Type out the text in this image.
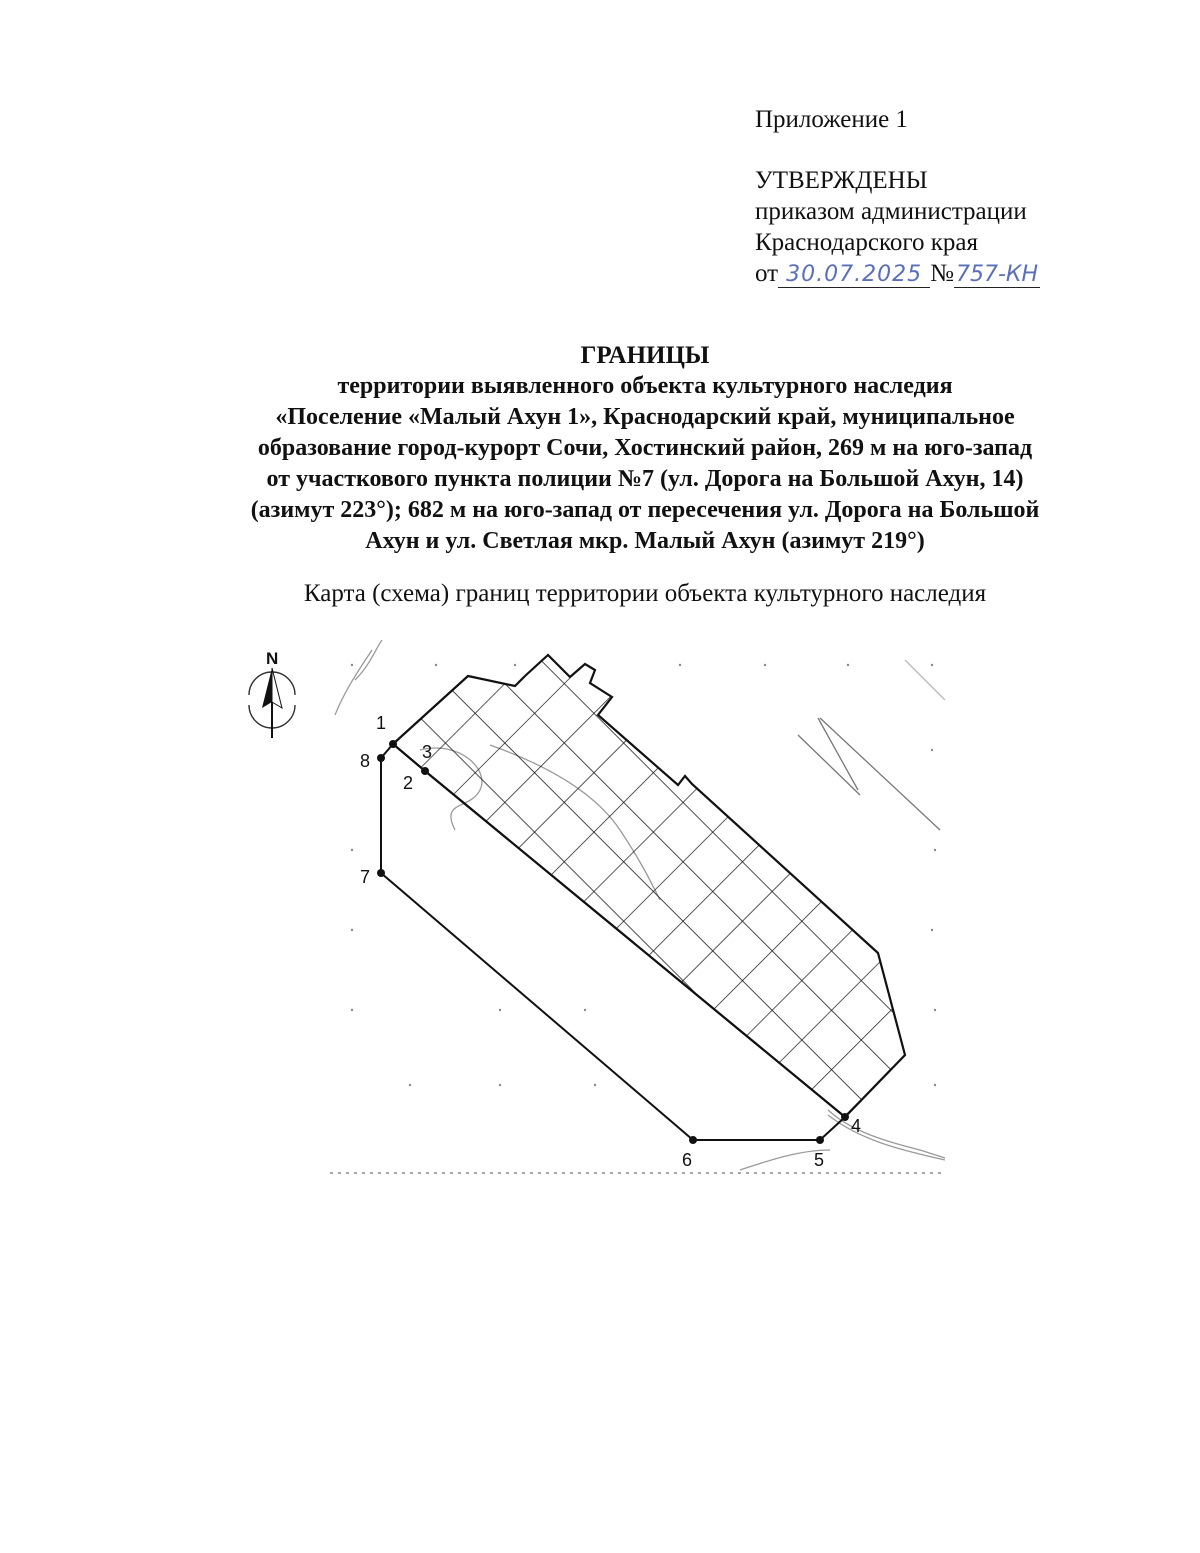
Приложение 1
УТВЕРЖДЕНЫ
приказом администрации
Краснодарского края
от 30.07.2025 №757-КН
ГРАНИЦЫ
территории выявленного объекта культурного наследия
«Поселение «Малый Ахун 1», Краснодарский край, муниципальное
образование город-курорт Сочи, Хостинский район, 269 м на юго-запад
от участкового пункта полиции №7 (ул. Дорога на Большой Ахун, 14)
(азимут 223°); 682 м на юго-запад от пересечения ул. Дорога на Большой
Ахун и ул. Светлая мкр. Малый Ахун (азимут 219°)
Карта (схема) границ территории объекта культурного наследия
N
1
2
3
4
5
6
7
8
